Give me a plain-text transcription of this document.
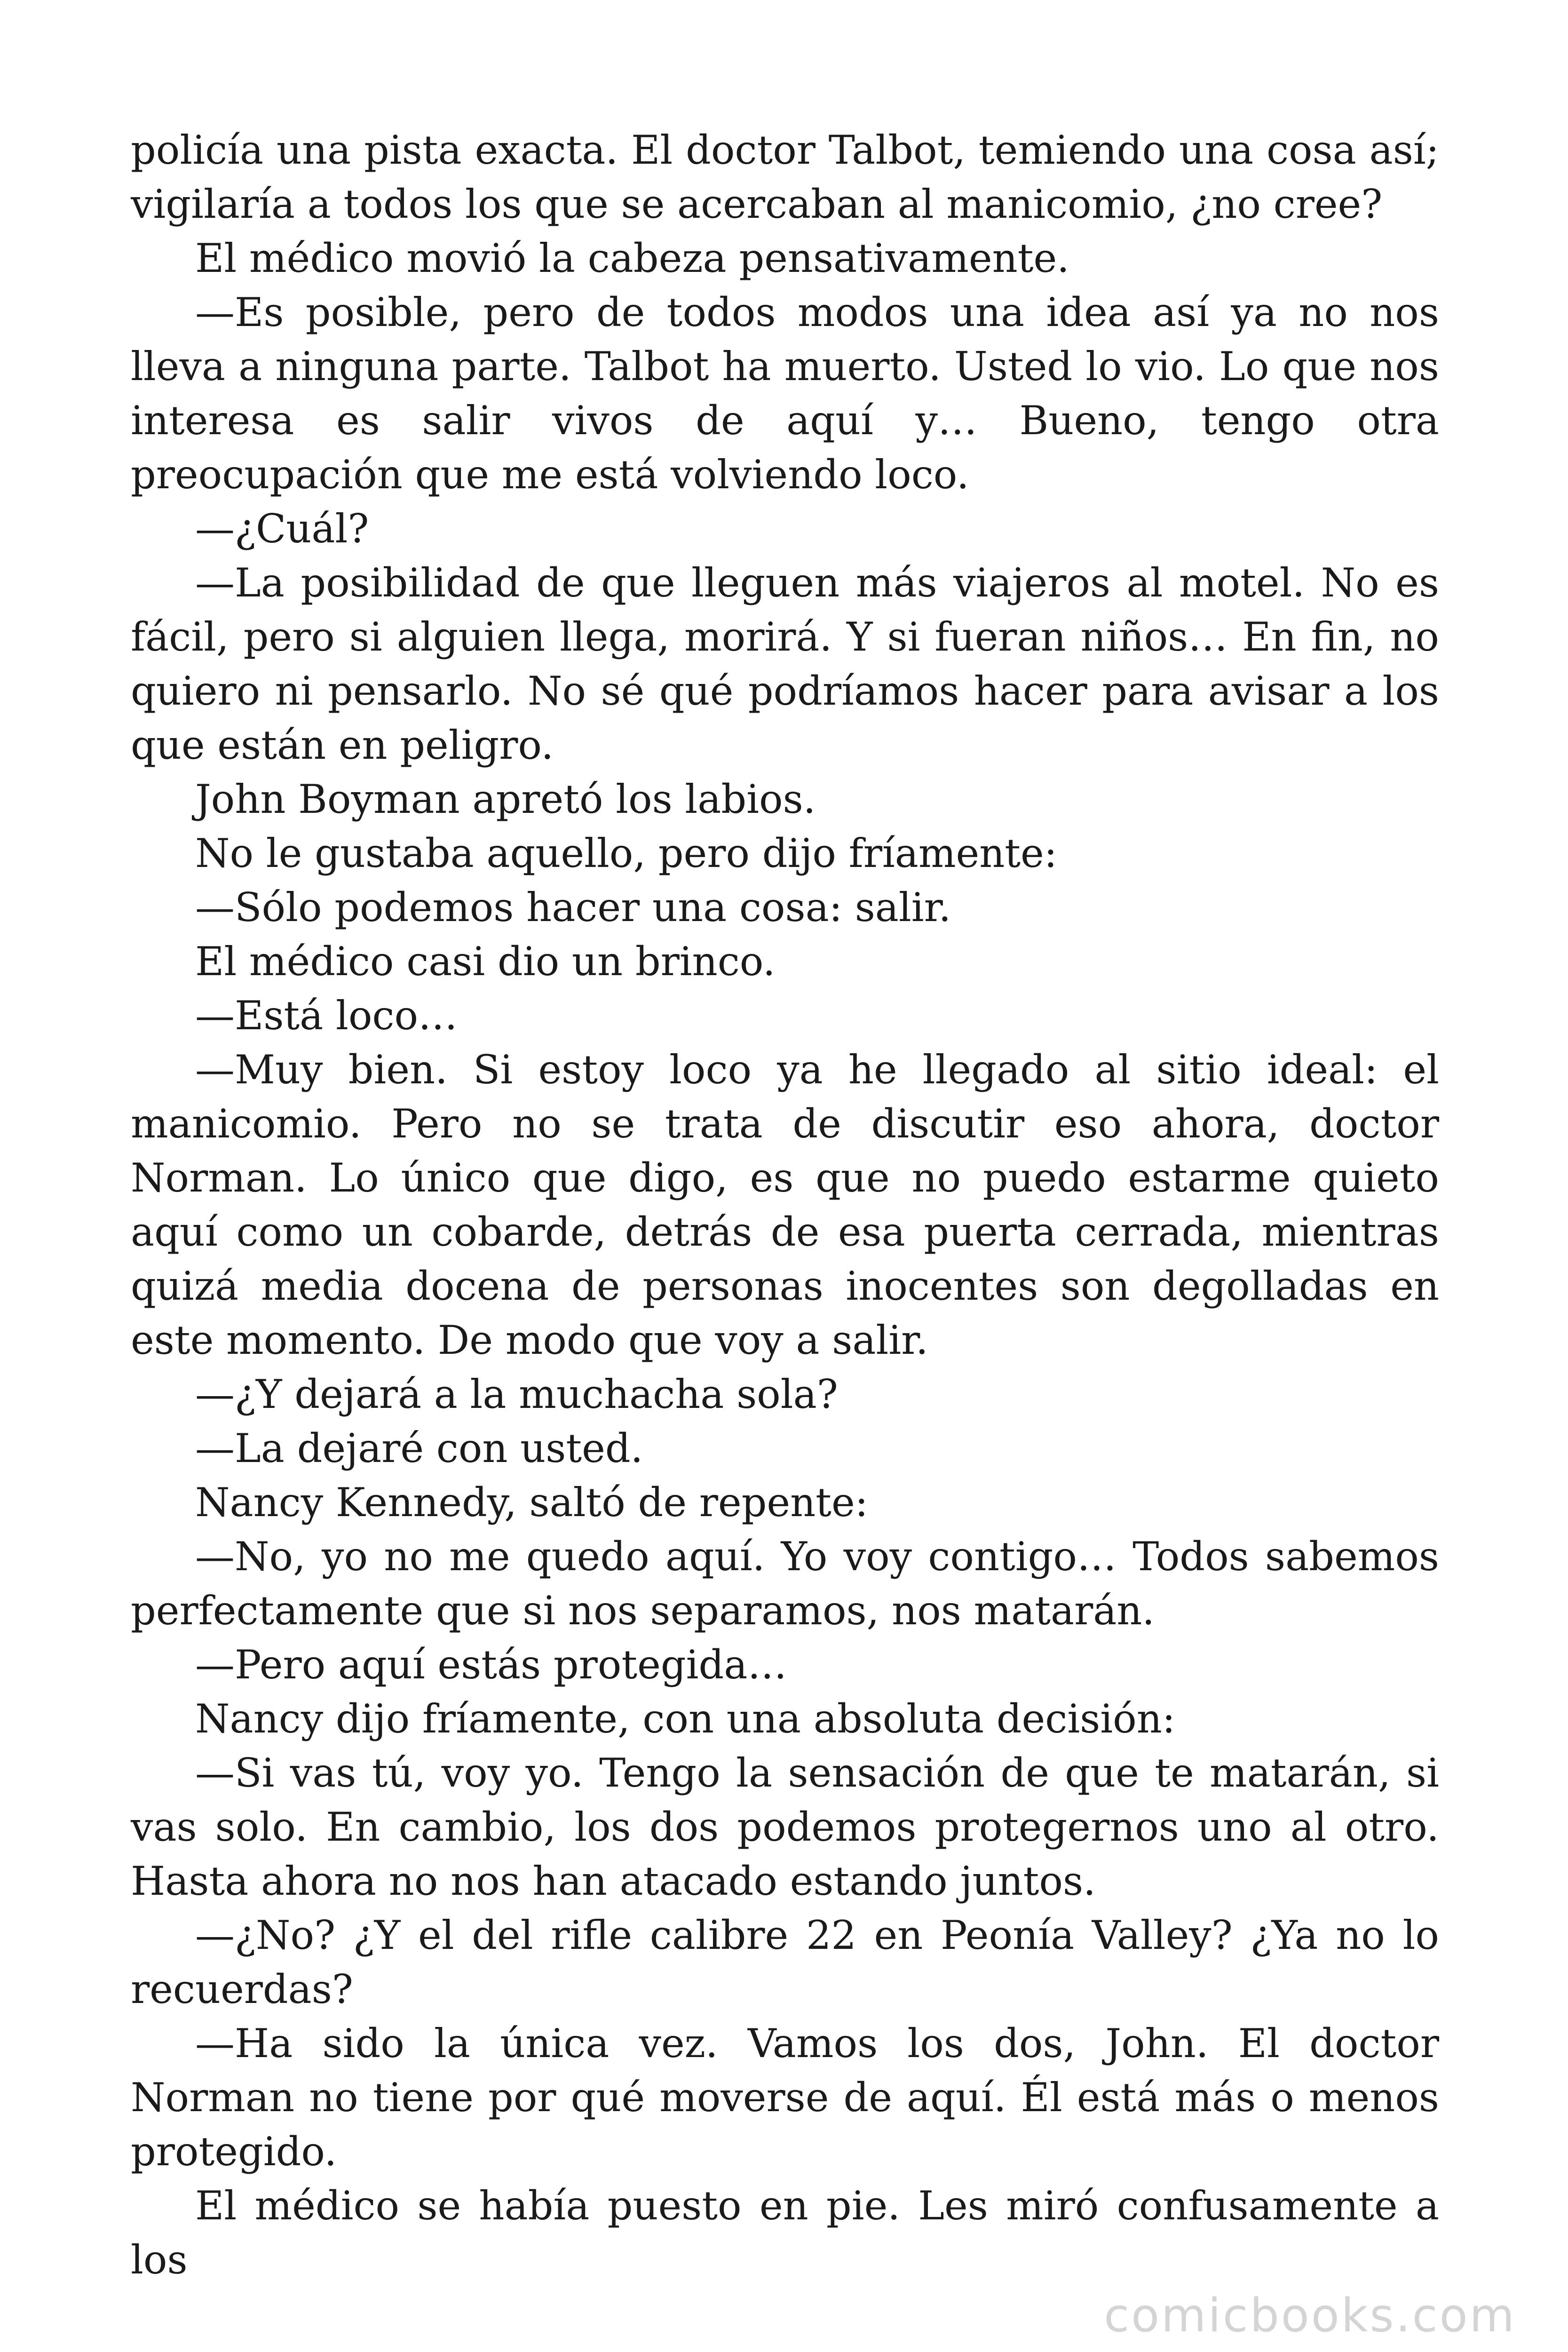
policía una pista exacta. El doctor Talbot, temiendo una cosa así; vigilaría a todos los que se acercaban al manicomio, ¿no cree?

El médico movió la cabeza pensativamente.

—Es posible, pero de todos modos una idea así ya no nos lleva a ninguna parte. Talbot ha muerto. Usted lo vio. Lo que nos interesa es salir vivos de aquí y… Bueno, tengo otra preocupación que me está volviendo loco.

—¿Cuál?

—La posibilidad de que lleguen más viajeros al motel. No es fácil, pero si alguien llega, morirá. Y si fueran niños… En fin, no quiero ni pensarlo. No sé qué podríamos hacer para avisar a los que están en peligro.

John Boyman apretó los labios.

No le gustaba aquello, pero dijo fríamente:

—Sólo podemos hacer una cosa: salir.

El médico casi dio un brinco.

—Está loco…

—Muy bien. Si estoy loco ya he llegado al sitio ideal: el manicomio. Pero no se trata de discutir eso ahora, doctor Norman. Lo único que digo, es que no puedo estarme quieto aquí como un cobarde, detrás de esa puerta cerrada, mientras quizá media docena de personas inocentes son degolladas en este momento. De modo que voy a salir.

—¿Y dejará a la muchacha sola?

—La dejaré con usted.

Nancy Kennedy, saltó de repente:

—No, yo no me quedo aquí. Yo voy contigo… Todos sabemos perfectamente que si nos separamos, nos matarán.

—Pero aquí estás protegida…

Nancy dijo fríamente, con una absoluta decisión:

—Si vas tú, voy yo. Tengo la sensación de que te matarán, si vas solo. En cambio, los dos podemos protegernos uno al otro. Hasta ahora no nos han atacado estando juntos.

—¿No? ¿Y el del rifle calibre 22 en Peonía Valley? ¿Ya no lo recuerdas?

—Ha sido la única vez. Vamos los dos, John. El doctor Norman no tiene por qué moverse de aquí. Él está más o menos protegido.

El médico se había puesto en pie. Les miró confusamente a los

comicbooks.com
